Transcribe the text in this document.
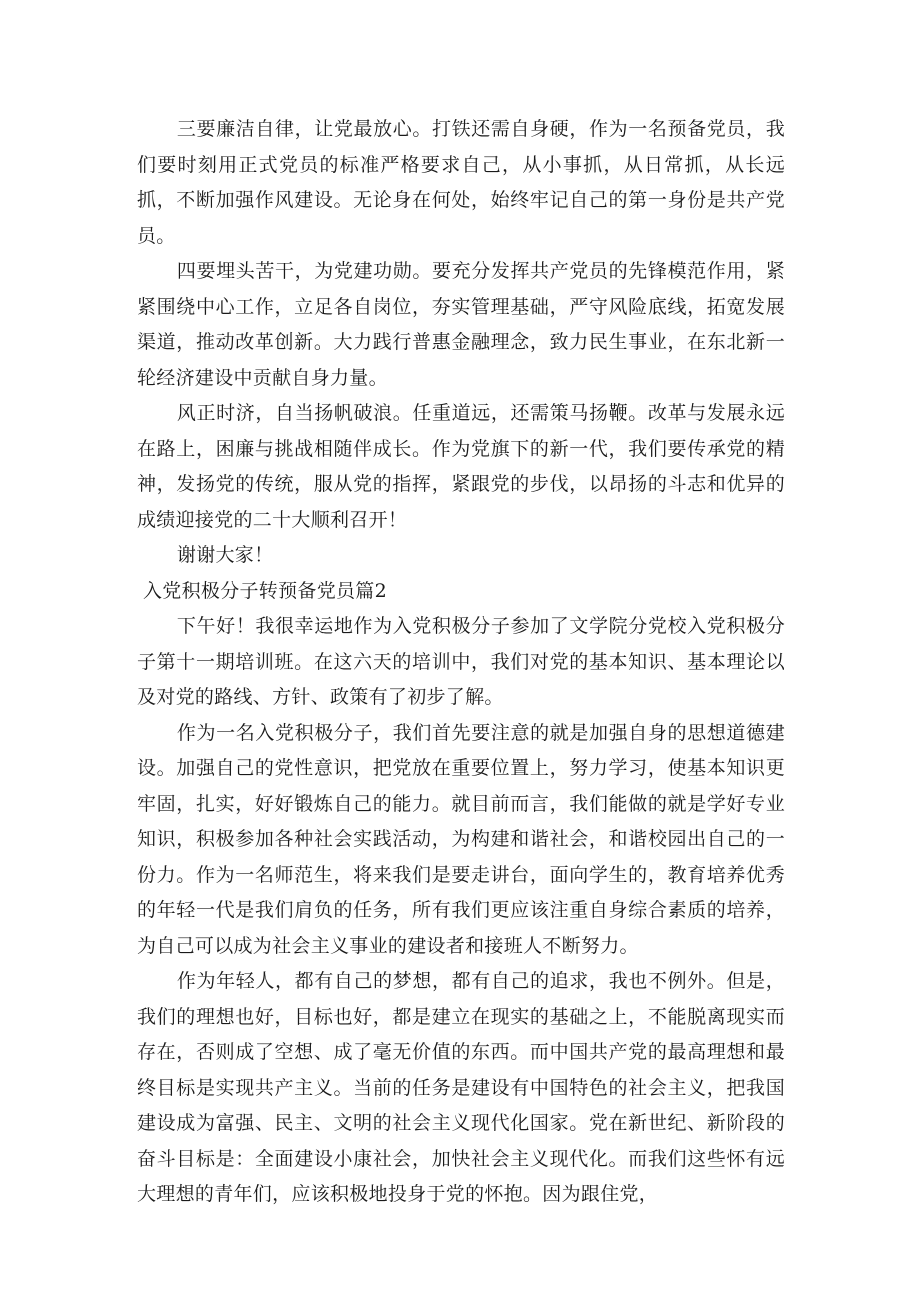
三要廉洁自律，让党最放心。打铁还需自身硬，作为一名预备党员，我们要时刻用正式党员的标准严格要求自己，从小事抓，从日常抓，从长远抓，不断加强作风建设。无论身在何处，始终牢记自己的第一身份是共产党员。

四要埋头苦干，为党建功勋。要充分发挥共产党员的先锋模范作用，紧紧围绕中心工作，立足各自岗位，夯实管理基础，严守风险底线，拓宽发展渠道，推动改革创新。大力践行普惠金融理念，致力民生事业，在东北新一轮经济建设中贡献自身力量。

风正时济，自当扬帆破浪。任重道远，还需策马扬鞭。改革与发展永远在路上，困廉与挑战相随伴成长。作为党旗下的新一代，我们要传承党的精神，发扬党的传统，服从党的指挥，紧跟党的步伐，以昂扬的斗志和优异的成绩迎接党的二十大顺利召开！

谢谢大家！

入党积极分子转预备党员篇2

下午好！我很幸运地作为入党积极分子参加了文学院分党校入党积极分子第十一期培训班。在这六天的培训中，我们对党的基本知识、基本理论以及对党的路线、方针、政策有了初步了解。

作为一名入党积极分子，我们首先要注意的就是加强自身的思想道德建设。加强自己的党性意识，把党放在重要位置上，努力学习，使基本知识更牢固，扎实，好好锻炼自己的能力。就目前而言，我们能做的就是学好专业知识，积极参加各种社会实践活动，为构建和谐社会，和谐校园出自己的一份力。作为一名师范生，将来我们是要走讲台，面向学生的，教育培养优秀的年轻一代是我们肩负的任务，所有我们更应该注重自身综合素质的培养，为自己可以成为社会主义事业的建设者和接班人不断努力。

作为年轻人，都有自己的梦想，都有自己的追求，我也不例外。但是，我们的理想也好，目标也好，都是建立在现实的基础之上，不能脱离现实而存在，否则成了空想、成了毫无价值的东西。而中国共产党的最高理想和最终目标是实现共产主义。当前的任务是建设有中国特色的社会主义，把我国建设成为富强、民主、文明的社会主义现代化国家。党在新世纪、新阶段的奋斗目标是：全面建设小康社会，加快社会主义现代化。而我们这些怀有远大理想的青年们，应该积极地投身于党的怀抱。因为跟住党，
